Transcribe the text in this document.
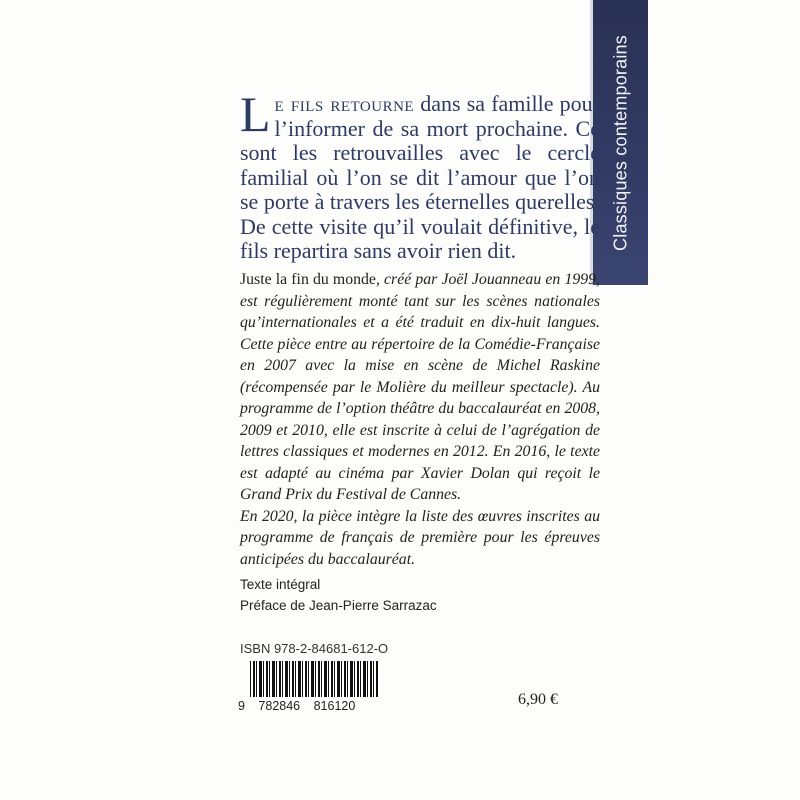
Classiques contemporains
Le fils retourne dans sa famille pour l’informer de sa mort prochaine. Ce sont les retrouvailles avec le cercle familial où l’on se dit l’amour que l’on se porte à travers les éternelles querelles. De cette visite qu’il voulait définitive, le fils repartira sans avoir rien dit.

Juste la fin du monde, créé par Joël Jouanneau en 1999, est régulièrement monté tant sur les scènes nationales qu’internationales et a été traduit en dix-huit langues. Cette pièce entre au répertoire de la Comédie-Française en 2007 avec la mise en scène de Michel Raskine (récompensée par le Molière du meilleur spectacle). Au programme de l’option théâtre du baccalauréat en 2008, 2009 et 2010, elle est inscrite à celui de l’agrégation de lettres classiques et modernes en 2012. En 2016, le texte est adapté au cinéma par Xavier Dolan qui reçoit le Grand Prix du Festival de Cannes.

En 2020, la pièce intègre la liste des œuvres inscrites au programme de français de première pour les épreuves anticipées du baccalauréat.

Texte intégral
Préface de Jean-Pierre Sarrazac
ISBN 978-2-84681-612-O
9 782846 816120	6,90 €
